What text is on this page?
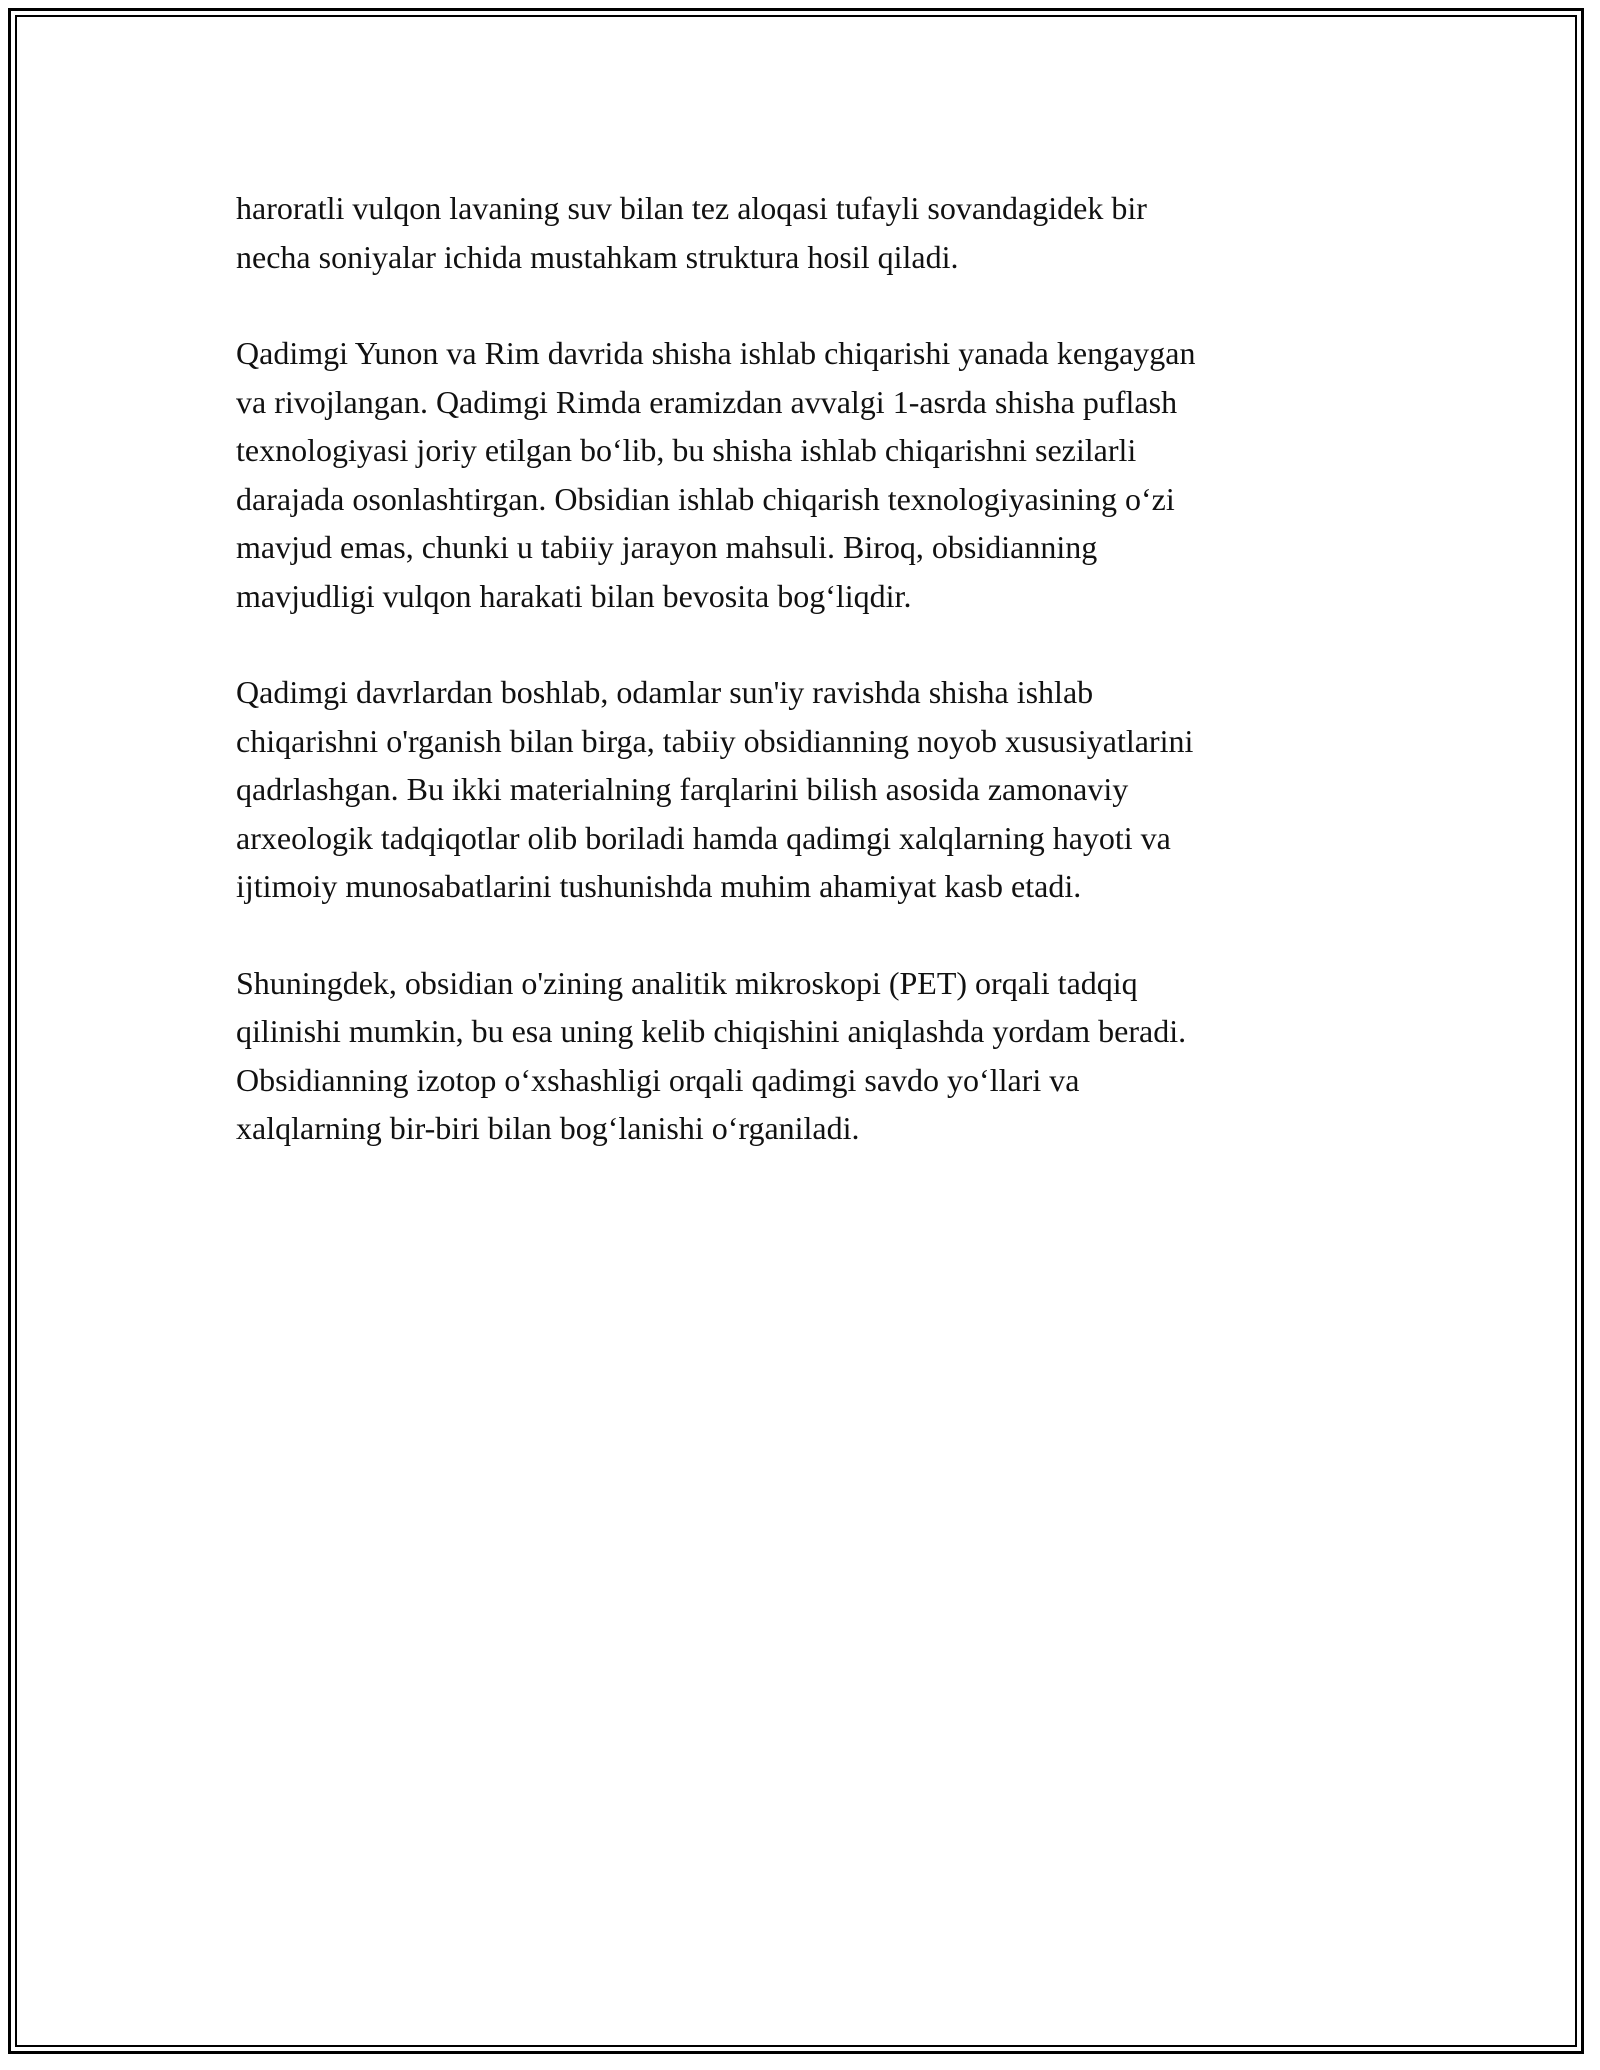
haroratli vulqon lavaning suv bilan tez aloqasi tufayli sovandagidek bir
necha soniyalar ichida mustahkam struktura hosil qiladi.

Qadimgi Yunon va Rim davrida shisha ishlab chiqarishi yanada kengaygan
va rivojlangan. Qadimgi Rimda eramizdan avvalgi 1-asrda shisha puflash
texnologiyasi joriy etilgan bo‘lib, bu shisha ishlab chiqarishni sezilarli
darajada osonlashtirgan. Obsidian ishlab chiqarish texnologiyasining o‘zi
mavjud emas, chunki u tabiiy jarayon mahsuli. Biroq, obsidianning
mavjudligi vulqon harakati bilan bevosita bog‘liqdir.

Qadimgi davrlardan boshlab, odamlar sun'iy ravishda shisha ishlab
chiqarishni o'rganish bilan birga, tabiiy obsidianning noyob xususiyatlarini
qadrlashgan. Bu ikki materialning farqlarini bilish asosida zamonaviy
arxeologik tadqiqotlar olib boriladi hamda qadimgi xalqlarning hayoti va
ijtimoiy munosabatlarini tushunishda muhim ahamiyat kasb etadi.

Shuningdek, obsidian o'zining analitik mikroskopi (PET) orqali tadqiq
qilinishi mumkin, bu esa uning kelib chiqishini aniqlashda yordam beradi.
Obsidianning izotop o‘xshashligi orqali qadimgi savdo yo‘llari va
xalqlarning bir-biri bilan bog‘lanishi o‘rganiladi.
